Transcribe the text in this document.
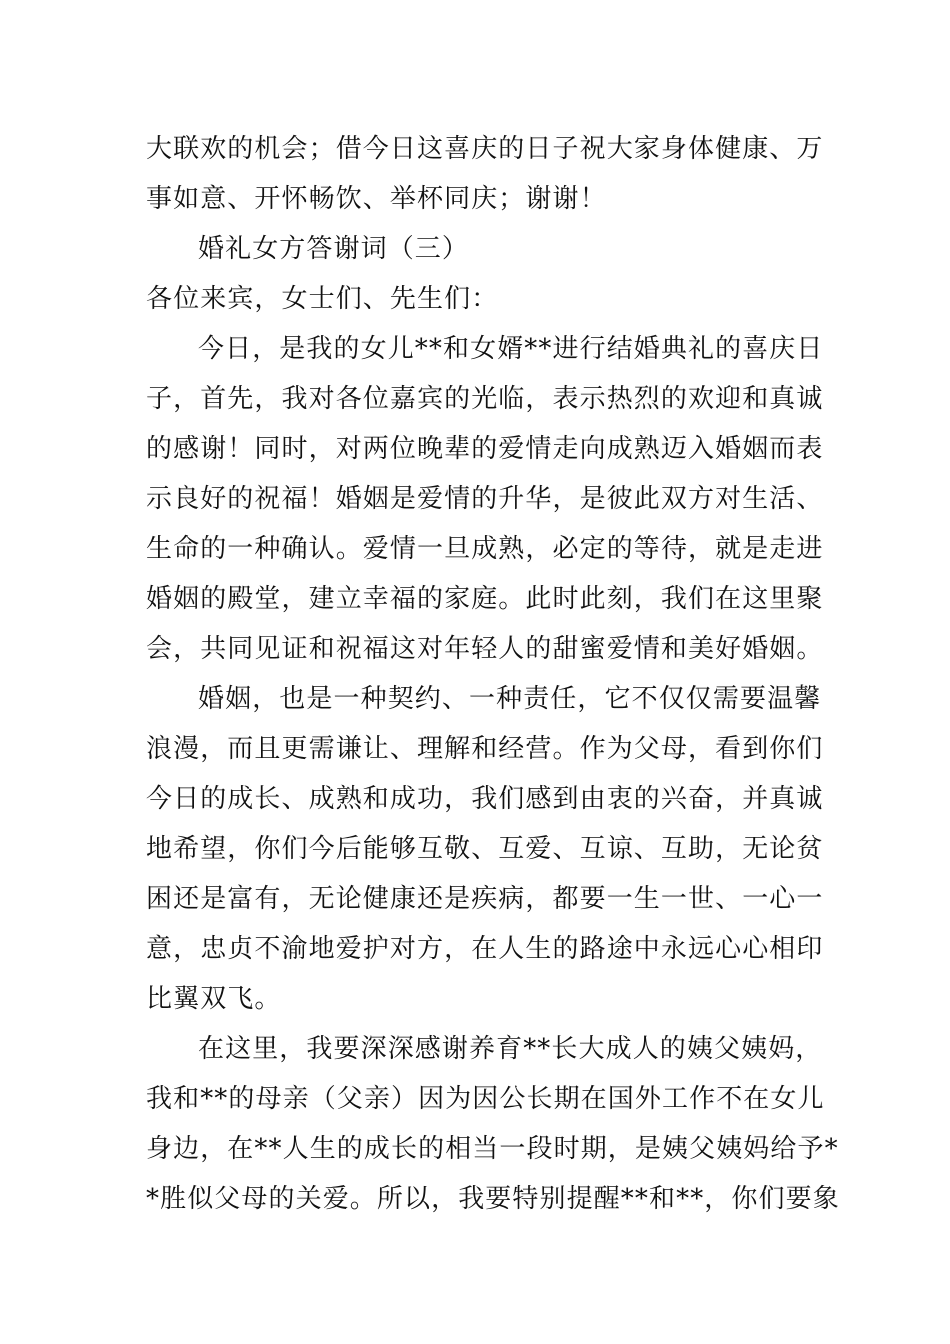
大联欢的机会；借今日这喜庆的日子祝大家身体健康、万
事如意、开怀畅饮、举杯同庆；谢谢！
婚礼女方答谢词（三）
各位来宾，女士们、先生们：
今日，是我的女儿**和女婿**进行结婚典礼的喜庆日
子，首先，我对各位嘉宾的光临，表示热烈的欢迎和真诚
的感谢！同时，对两位晚辈的爱情走向成熟迈入婚姻而表
示良好的祝福！婚姻是爱情的升华，是彼此双方对生活、
生命的一种确认。爱情一旦成熟，必定的等待，就是走进
婚姻的殿堂，建立幸福的家庭。此时此刻，我们在这里聚
会，共同见证和祝福这对年轻人的甜蜜爱情和美好婚姻。
婚姻，也是一种契约、一种责任，它不仅仅需要温馨
浪漫，而且更需谦让、理解和经营。作为父母，看到你们
今日的成长、成熟和成功，我们感到由衷的兴奋，并真诚
地希望，你们今后能够互敬、互爱、互谅、互助，无论贫
困还是富有，无论健康还是疾病，都要一生一世、一心一
意，忠贞不渝地爱护对方，在人生的路途中永远心心相印
比翼双飞。
在这里，我要深深感谢养育**长大成人的姨父姨妈，
我和**的母亲（父亲）因为因公长期在国外工作不在女儿
身边，在**人生的成长的相当一段时期，是姨父姨妈给予*
*胜似父母的关爱。所以，我要特别提醒**和**，你们要象
